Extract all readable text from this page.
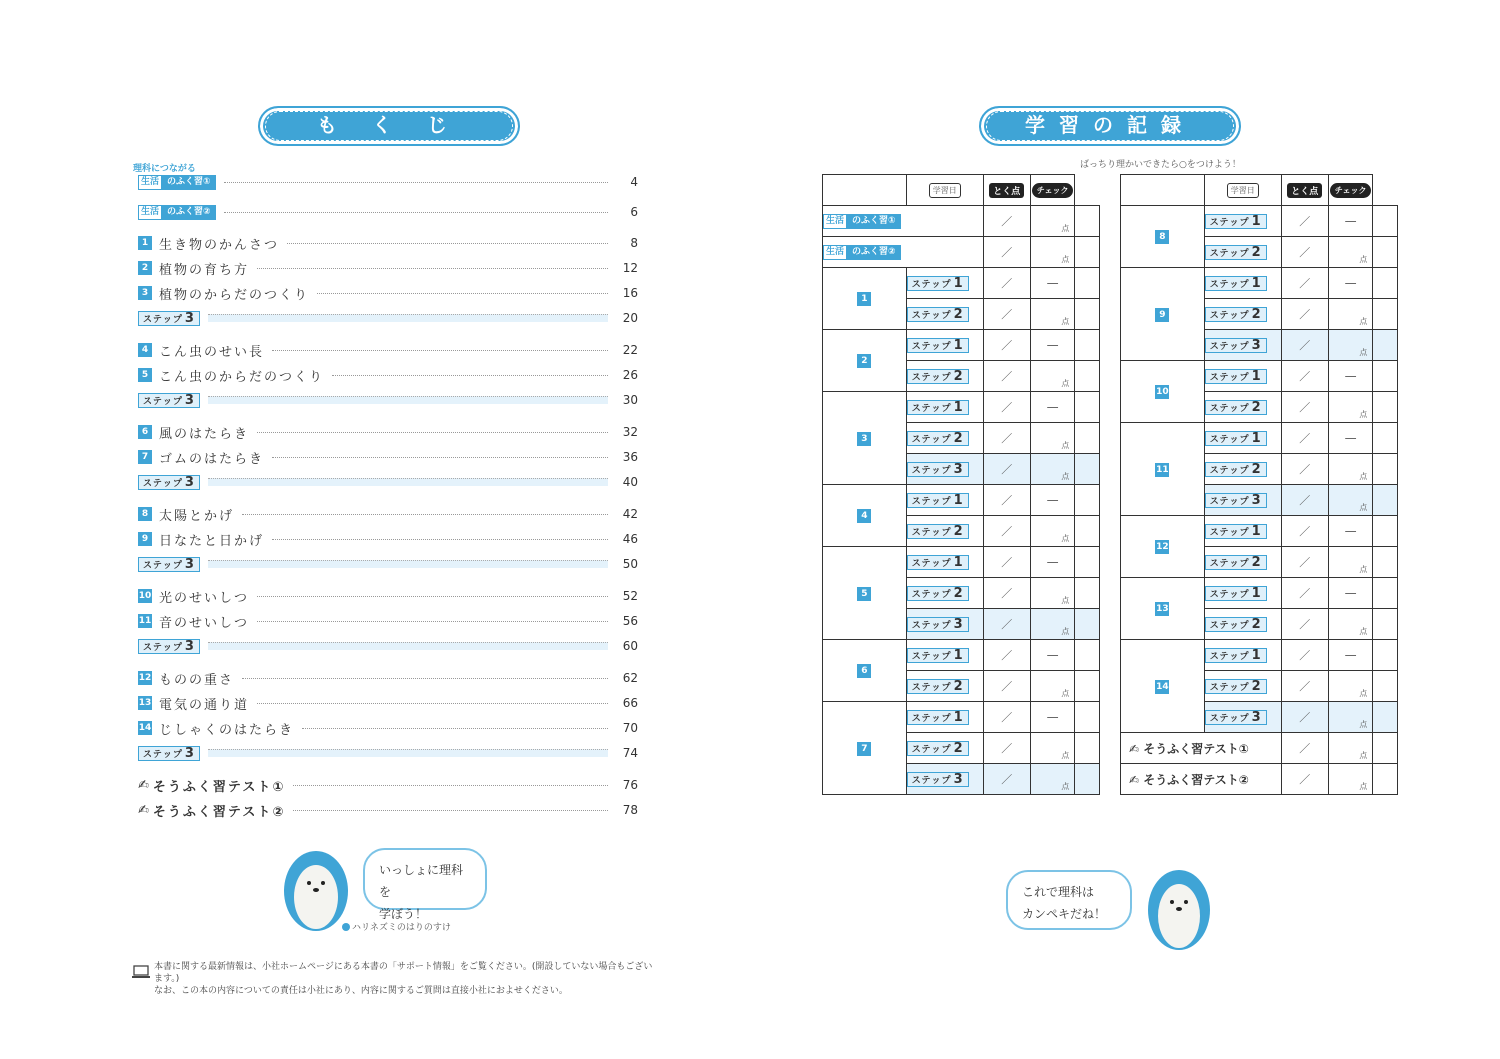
も く じ
理科につながる
生活 のふく習①	4
生活 のふく習②	6
1 生き物のかんさつ	8
2 植物の育ち方	12
3 植物のからだのつくり	16
ステップ 3	20
4 こん虫のせい長	22
5 こん虫のからだのつくり	26
ステップ 3	30
6 風のはたらき	32
7 ゴムのはたらき	36
ステップ 3	40
8 太陽とかげ	42
9 日なたと日かげ	46
ステップ 3	50
10 光のせいしつ	52
11 音のせいしつ	56
ステップ 3	60
12 ものの重さ	62
13 電気の通り道	66
14 じしゃくのはたらき	70
ステップ 3	74
✍ そうふく習テスト①	76
✍ そうふく習テスト②	78
いっしょに理科を
学ぼう！
ハリネズミのはりのすけ
本書に関する最新情報は、小社ホームページにある本書の「サポート情報」をご覧ください。(開設していない場合もございます。)
なお、この本の内容についての責任は小社にあり、内容に関するご質問は直接小社におよせください。
学習の記録
ばっちり理かいできたら○をつけよう！
	学習日	とく点	チェック	

生活 のふく習①		／	点	

生活 のふく習②		／	点	
1	ステップ 1	／	—	

	ステップ 2	／	点	
2	ステップ 1	／	—	

	ステップ 2	／	点	
3	ステップ 1	／	—	

	ステップ 2	／	点	
	ステップ 3	／	点	
4	ステップ 1	／	—	

	ステップ 2	／	点	
5	ステップ 1	／	—	

	ステップ 2	／	点	
	ステップ 3	／	点	
6	ステップ 1	／	—	

	ステップ 2	／	点	
7	ステップ 1	／	—	

	ステップ 2	／	点	
	ステップ 3	／	点	
	学習日	とく点	チェック	
8	ステップ 1	／	—	

	ステップ 2	／	点	
9	ステップ 1	／	—	

	ステップ 2	／	点	
	ステップ 3	／	点	
10	ステップ 1	／	—	

	ステップ 2	／	点	
11	ステップ 1	／	—	

	ステップ 2	／	点	
	ステップ 3	／	点	
12	ステップ 1	／	—	

	ステップ 2	／	点	
13	ステップ 1	／	—	

	ステップ 2	／	点	
14	ステップ 1	／	—	

	ステップ 2	／	点	
	ステップ 3	／	点	
✍ そうふく習テスト①		／	点	
✍ そうふく習テスト②		／	点	
これで理科は
カンペキだね！
